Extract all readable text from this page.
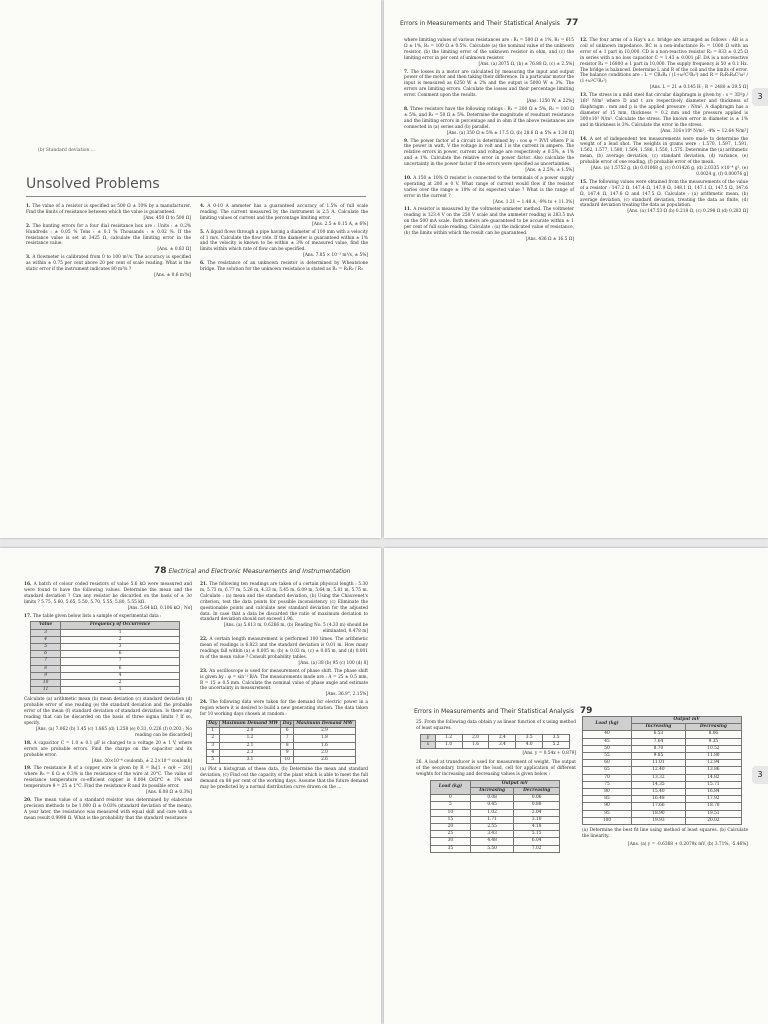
(b) Standard deviation ...
Unsolved Problems

1. The value of a resistor is specified as 500 Ω ± 10% by a manufacturer. Find the limits of resistance between which the value is guaranteed.
[Ans. 450 Ω to 500 Ω]

2. The hunting errors for a four dial resistance box are : Units : ± 0.2% Hundreds : ± 0.05 % Tens : ± 0.1 % Thousands : ± 0.02 %. If the resistance value is set at 3425 Ω, calculate the limiting error in the resistance value.
[Ans. ± 0.83 Ω]

3. A flowmeter is calibrated from 0 to 100 m³/s. The accuracy is specified as within ± 0.75 per cent above 20 per cent of scale reading. What is the static error if the instrument indicates 80 m³/s ?
[Ans. ± 0.6 m³/s]

4. A 0-10 A ammeter has a guaranteed accuracy of 1.5% of full scale reading. The current measured by the instrument is 2.5 A. Calculate the limiting values of current and the percentage limiting error.
[Ans. 2.5 ± 0.15 A, ± 6%]

5. A liquid flows through a pipe having a diameter of 100 mm with a velocity of 1 m/s. Calculate the flow rate. If the diameter is guaranteed within ± 1% and the velocity is known to be within ± 3% of measured value, find the limits within which rate of flow can be specified.
[Ans. 7.85 × 10⁻³ m³/s, ± 5%]

6. The resistance of an unknown resistor is determined by Wheatstone bridge. The solution for the unknown resistance is stated as Rₓ = R₁R₂ / R₃

Errors in Measurements and Their Statistical Analysis 77

where limiting values of various resistances are : R₁ = 500 Ω ± 1%, R₂ = 615 Ω ± 1%, R₃ = 100 Ω ± 0.5%. Calculate (a) the nominal value of the unknown resistor, (b) the limiting error of the unknown resistor in ohm, and (c) the limiting error in per cent of unknown resistor.
[Ans. (a) 3075 Ω, (b) ± 76.88 Ω, (c) ± 2.5%]

7. The losses in a motor are calculated by measuring the input and output power of the motor and then taking their difference. In a particular motor the input is measured as 6250 W ± 2% and the output is 5000 W ± 3%. The errors are limiting errors. Calculate the losses and their percentage limiting error. Comment upon the results.
[Ans. 1250 W, ± 22%]

8. Three resistors have the following ratings : R₁ = 200 Ω ± 5%, R₂ = 100 Ω ± 5%, and R₃ = 50 Ω ± 5%. Determine the magnitude of resultant resistance and the limiting errors in percentage and in ohm if the above resistances are connected in (a) series and (b) parallel.
[Ans. (a) 350 Ω ± 5% ± 17.5 Ω, (b) 28.6 Ω ± 5% ± 1.30 Ω]

9. The power factor of a circuit is determined by : cos φ = P/VI where P is the power in watt, V the voltage in volt and I is the current in ampere. The relative errors in power, current and voltage are respectively ± 0.5%, ± 1% and ± 1%. Calculate the relative error in power factor. Also calculate the uncertainty in the power factor if the errors were specified as uncertainties.
[Ans. ± 2.5%, ± 1.5%]

10. A 150 ± 10% Ω resistor is connected to the terminals of a power supply operating at 200 ± 0 V. What range of current would flow if the resistor varies over the range ± 10% of its expected value ? What is the range of error in the current ?
[Ans. 1.21 ~ 1.48 A, -9% to + 11.3%]

11. A resistor is measured by the voltmeter-ammeter method. The voltmeter reading is 123.4 V on the 250 V scale and the ammeter reading is 283.5 mA on the 500 mA scale. Both meters are guaranteed to be accurate within ± 1 per cent of full scale reading. Calculate : (a) the indicated value of resistance, (b) the limits within which the result can be guaranteed.
[Ans. 436 Ω ± 16.5 Ω]

12. The four arms of a Hay's a.c. bridge are arranged as follows : AB is a coil of unknown impedance. BC is a non-inductance R₃ = 1000 Ω with an error of ± 1 part in 10,000. CD is a non-reactive resistor R₂ = 833 ± 0.25 Ω in series with a no loss capacitor C = 1.43 ± 0.001 μF. DA is a non-reactive resistor R₄ = 16800 ± 1 part in 10,000. The supply frequency is 50 ± 0.1 Hz. The bridge is balanced. Determine L and R of the coil and the limits of error. The balance conditions are : L = CR₂R₄ / (1+ω²C²R₂²) and R = R₂R₃R₄C²ω² / (1+ω²C²R₂²)
[Ans. L = 21 ± 0.145 H ; R = 2480 ± 29.5 Ω]

13. The stress in a mild steel flat circular diaphragm is given by : s = 3D²p / 16t² N/m² where D and t are respectively diameter and thickness of diaphragm : mm and p is the applied pressure : N/m². A diaphragm has a diameter of 15 mm, thickness = 0.2 mm and the pressure applied is 300×10³ N/m². Calculate the stress. The known error in diameter is ± 1% and in thickness is 3%. Calculate the error in the stress.
[Ans. 316×10⁶ N/m², -4% ~ 12.64 N/m²]

14. A set of independent ten measurements were made to determine the weight of a lead shot. The weights in grams were : 1.570, 1.597, 1.591, 1.562, 1.577, 1.580, 1.564, 1.586, 1.550, 1.575. Determine the (a) arithmetic mean, (b) average deviation, (c) standard deviation, (d) variance, (e) probable error of one reading, (f) probable error of the mean.
[Ans. (a) 1.5752 g, (b) 0.01068 g, (c) 0.01426 g, (d) 2.0335 ×10⁻⁴ g², (e) 0.0024 g, (f) 0.00076 g]

15. The following values were obtained from the measurements of the value of a resistor : 147.2 Ω, 147.4 Ω, 147.9 Ω, 148.1 Ω, 147.1 Ω, 147.5 Ω, 147.6 Ω, 147.4 Ω, 147.6 Ω and 147.5 Ω. Calculate : (a) arithmetic mean, (b) average deviation, (c) standard deviation, treating the data as finite, (d) standard deviation treating the data as population.
[Ans. (a) 147.53 Ω (b) 0.218 Ω, (c) 0.298 Ω (d) 0.283 Ω]

3
78 Electrical and Electronic Measurements and Instrumentation

16. A batch of colour coded resistors of value 5.6 kΩ were measured and were found to have the following values. Determine the mean and the standard deviation ? Can any resistor be discarded on the basis of ± 3σ limits ? 5.75, 5.60, 5.65, 5.50, 5.70, 5.55, 5.80, 5.55 kΩ.
[Ans. 5.64 kΩ, 0.106 kΩ ; No]

17. The table given below lists a sample of experimental data :

Value	Frequency of Occurrence
3	1
4	2
5	3
6	6
7	7
8	6
9	4
10	2
11	1

Calculate (a) arithmetic mean (b) mean deviation (c) standard deviation (d) probable error of one reading (e) the standard deviation and the probable error of the mean (f) standard deviation of standard deviation. Is there any reading that can be discarded on the basis of three sigma limits ? If so, specify.
[Ans. (a) 7.062 (b) 1.45 (c) 1.865 (d) 1.258 (e) 0.31, 0.226 (f) 0.203 ; No reading can be discarded]

18. A capacitor C = 1.0 ± 0.1 μF is charged to a voltage 20 ± 1 V, where errors are probable errors. Find the charge on the capacitor and its probable error.
[Ans. 20×10⁻⁶ coulomb, ± 2.2×10⁻⁶ coulomb]

19. The resistance R of a copper wire is given by R = R₀[1 + α(θ − 20)] where R₀ = 6 Ω ± 0.3% is the resistance of the wire at 20°C. The value of resistance temperature co-efficient copper is 0.004 Ω/Ω°C ± 1% and temperature θ = 25 ± 1°C. Find the resistance R and its possible error.
[Ans. 6.08 Ω ± 0.3%]

20. The mean value of a standard resistor was determined by elaborate precision methods to be 1.000 Ω ± 0.03% (standard deviation of the mean). A year later, the resistance was measured with equal skill and care with a mean result 0.9998 Ω. What is the probability that the standard resistance

21. The following ten readings are taken of a certain physical length : 5.30 m, 5.73 m, 6.77 m, 5.26 m, 4.33 m, 5.45 m, 6.09 m, 5.64 m, 5.81 m, 5.75 m. Calculate : (a) mean and the standard deviation, (b) Using the Chauvenet's criterion, test the data points for possible inconsistency (c) Eliminate the questionable points and calculate new standard deviation for the adjusted data. In case that a data be discarded the ratio of maximum deviation to standard deviation should not exceed 1.96.
[Ans. (a) 5.613 m, 0.6266 m, (b) Reading No. 5 (4.33 m) should be eliminated, 0.478 m]

22. A certain length measurement is performed 100 times. The arithmetic mean of readings is 6.823 and the standard deviation is 0.01 m. How many readings fall within (a) ± 0.005 m, (b) ± 0.02 m, (c) ± 0.05 m, and (d) 0.001 m of the mean value ? Consult probability tables.
[Ans. (a) 38 (b) 95 (c) 100 (d) 8]

23. An oscilloscope is used for measurement of phase shift. The phase shift is given by : φ = sin⁻¹ B/A. The measurements made are : A = 25 ± 0.5 mm, B = 15 ± 0.5 mm. Calculate the nominal value of phase angle and estimate the uncertainty in measurement.
[Ans. 36.9°, 2.15%]

24. The following data were taken for the demand for electric power in a region where it is desired to build a new generating station. The data taken for 10 working days chosen at random :

Day	Maximum Demand MW	Day	Maximum Demand MW
1	2.0	6	2.9
2	1.2	7	1.8
3	2.1	8	1.6
4	2.3	9	2.0
5	3.1	10	2.6

(a) Plot a histogram of these data, (b) Determine the mean and standard deviation, (c) Find out the capacity of the plant which is able to meet the full demand on 88 per cent of the working days. Assume that the future demand may be predicted by a normal distribution curve drawn on the ...

Errors in Measurements and Their Statistical Analysis 79

25. From the following data obtain y as linear function of x using method of least squares.

y	1.2	2.0	2.4	3.5	3.5
x	1.0	1.6	3.4	4.0	5.2
[Ans. y = 0.54x + 0.879]

26. A load at transducer is used for measurement of weight. The output of the secondary transducer the load, cell for application of different weights for increasing and decreasing values is given below :

Load (kg)	Output mV	
	Increasing	Decreasing
0	0.08	0.06
5	0.45	0.88
10	1.02	2.04
15	1.71	3.10
20	2.55	4.18
25	3.43	5.15
30	4.48	6.04
35	5.50	7.02
Load (kg)	Output mV	
	Increasing	Decreasing
40	6.53	8.06
45	7.64	9.35
50	8.70	10.52
55	9.85	11.80
60	11.01	12.94
65	12.40	13.86
70	13.32	14.82
75	14.35	15.71
80	15.40	16.84
85	16.48	17.92
90	17.66	18.70
95	18.90	19.51
100	19.93	20.02

(a) Determine the best fit line using method of least squares. (b) Calculate the linearity.

[Ans. (a) y = -0.6368 + 0.2079x mV, (b) 3.71%, -5.46%]
3
